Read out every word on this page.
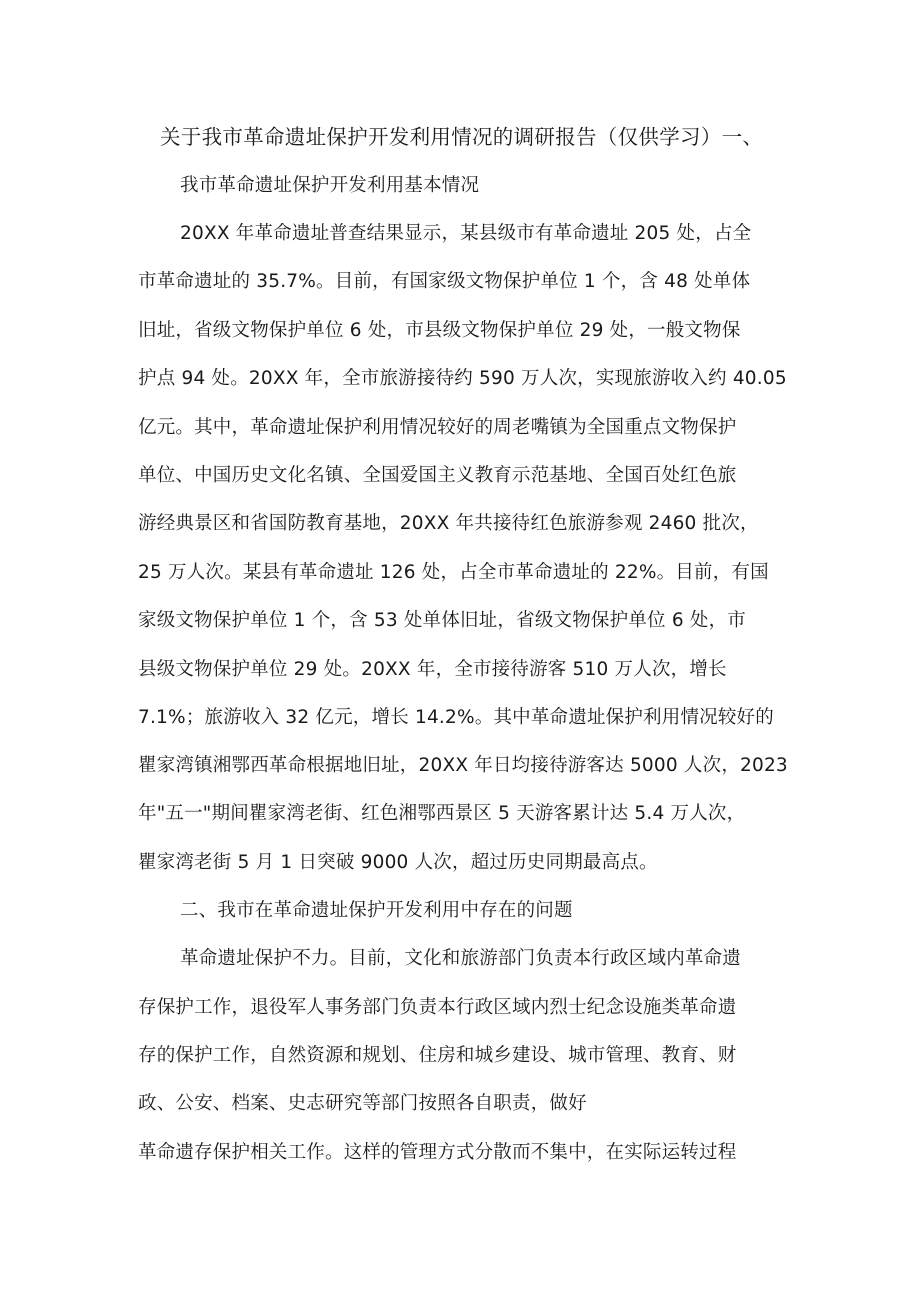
关于我市革命遗址保护开发利用情况的调研报告（仅供学习）一、

我市革命遗址保护开发利用基本情况

20XX 年革命遗址普查结果显示，某县级市有革命遗址 205 处，占全

市革命遗址的 35.7%。目前，有国家级文物保护单位 1 个，含 48 处单体

旧址，省级文物保护单位 6 处，市县级文物保护单位 29 处，一般文物保

护点 94 处。20XX 年，全市旅游接待约 590 万人次，实现旅游收入约 40.05

亿元。其中，革命遗址保护利用情况较好的周老嘴镇为全国重点文物保护

单位、中国历史文化名镇、全国爱国主义教育示范基地、全国百处红色旅

游经典景区和省国防教育基地，20XX 年共接待红色旅游参观 2460 批次，

25 万人次。某县有革命遗址 126 处，占全市革命遗址的 22%。目前，有国

家级文物保护单位 1 个，含 53 处单体旧址，省级文物保护单位 6 处，市

县级文物保护单位 29 处。20XX 年，全市接待游客 510 万人次，增长

7.1%；旅游收入 32 亿元，增长 14.2%。其中革命遗址保护利用情况较好的

瞿家湾镇湘鄂西革命根据地旧址，20XX 年日均接待游客达 5000 人次，2023

年"五一"期间瞿家湾老街、红色湘鄂西景区 5 天游客累计达 5.4 万人次，

瞿家湾老街 5 月 1 日突破 9000 人次，超过历史同期最高点。

二、我市在革命遗址保护开发利用中存在的问题

革命遗址保护不力。目前，文化和旅游部门负责本行政区域内革命遗

存保护工作，退役军人事务部门负责本行政区域内烈士纪念设施类革命遗

存的保护工作，自然资源和规划、住房和城乡建设、城市管理、教育、财

政、公安、档案、史志研究等部门按照各自职责，做好

革命遗存保护相关工作。这样的管理方式分散而不集中，在实际运转过程
